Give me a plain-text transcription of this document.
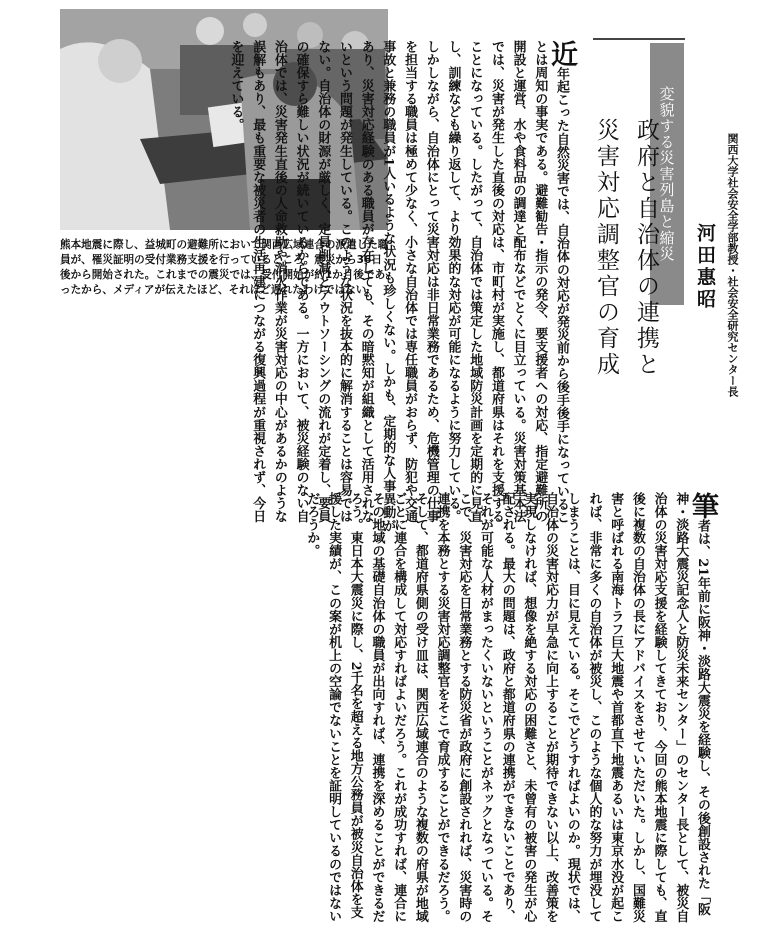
熊本地震に際し、益城町の避難所において関西広域連合の派遣した職員が、罹災証明の受付業務支援を行っているところ。震災から36日後から開始された。これまでの震災では、受付開始が約1か月後であったから、メディアが伝えたほど、それほど遅れたわけではない

変貌する災害列島と縮災
政府と自治体の連携と
災害対応調整官の育成	関西大学社会安全学部教授・社会安全研究センター長
河田惠昭

近年起こった自然災害では、自治体の対応が発災前から後手後手になっていることは周知の事実である。避難勧告・指示の発令、要支援者への対応、指定避難所の開設と運営、水や食料品の調達と配布などでとくに目立っている。災害対策基本法では、災害が発生した直後の対応は、市町村が実施し、都道府県はそれを支援することになっている。したがって、自治体では策定した地域防災計画を定期的に見直し、訓練なども繰り返して、より効果的な対応が可能になるように努力している。しかしながら、自治体にとって災害対応は非日常業務であるため、危機管理の仕事を担当する職員は極めて少なく、小さな自治体では専任職員がおらず、防犯や交通事故と兼務の職員が1人いるような状況も珍しくない。しかも、定期的な人事異動があり、災害対応経験のある職員が存在しても、その暗黙知が組織として活用されないという問題が発生している。このような状況を抜本的に解消することは容易ではない。自治体の財源が厳しく、定員削減とアウトソーシングの流れが定着し、要員の確保すら難しい状況が続いているからである。一方において、被災経験のない自治体では、災害発生直後の人命救助や消火作業が災害対応の中心があるかのような誤解もあり、最も重要な被災者の生活再建につながる復興過程が重視されず、今日を迎えている。

筆者は、21年前に阪神・淡路大震災を経験し、その後創設された「阪神・淡路大震災記念人と防災未来センター」のセンター長として、被災自治体の災害対応支援を経験してきており、今回の熊本地震に際しても、直後に複数の自治体の長にアドバイスをさせていただいた。しかし、国難災害と呼ばれる南海トラフ巨大地震や首都直下地震あるいは東京水没が起これば、非常に多くの自治体が被災し、このような個人的な努力が埋没してしまうことは、目に見えている。そこでどうすればよいのか。現状では、自治体の災害対応力が早急に向上することが期待できない以上、改善策を実現しなければ、想像を絶する対応の困難さと、未曾有の被害の発生が心配される。最大の問題は、政府と都道府県の連携ができないことであり、それが可能な人材がまったくいないということがネックとなっている。そこで、災害対応を日常業務とする防災省が政府に創設されれば、災害時の連携を本務とする災害対応調整官をそこで育成することができるだろう。そして、都道府県側の受け皿は、関西広域連合のような複数の府県が地域ごとに連合を構成して対応すればよいだろう。これが成功すれば、連合にその地域の基礎自治体の職員が出向すれば、連携を深めることができるだろう。東日本大震災に際し、2千名を超える地方公務員が被災自治体を支援した実績が、この案が机上の空論でないことを証明しているのではないだろうか。
